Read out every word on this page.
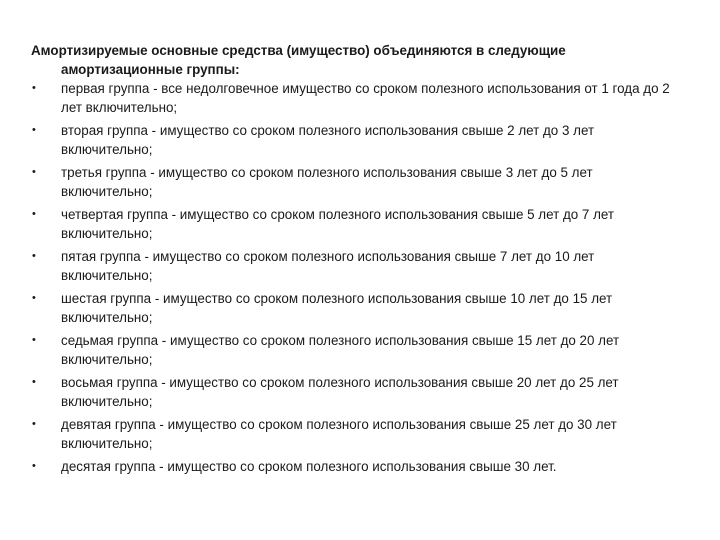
Амортизируемые основные средства (имущество) объединяются в следующие
амортизационные группы:

• первая группа - все недолговечное имущество со сроком полезного использования от 1 года до 2 лет включительно;
• вторая группа - имущество со сроком полезного использования свыше 2 лет до 3 лет включительно;
• третья группа - имущество со сроком полезного использования свыше 3 лет до 5 лет включительно;
• четвертая группа - имущество со сроком полезного использования свыше 5 лет до 7 лет включительно;
• пятая группа - имущество со сроком полезного использования свыше 7 лет до 10 лет включительно;
• шестая группа - имущество со сроком полезного использования свыше 10 лет до 15 лет включительно;
• седьмая группа - имущество со сроком полезного использования свыше 15 лет до 20 лет включительно;
• восьмая группа - имущество со сроком полезного использования свыше 20 лет до 25 лет включительно;
• девятая группа - имущество со сроком полезного использования свыше 25 лет до 30 лет включительно;
• десятая группа - имущество со сроком полезного использования свыше 30 лет.
